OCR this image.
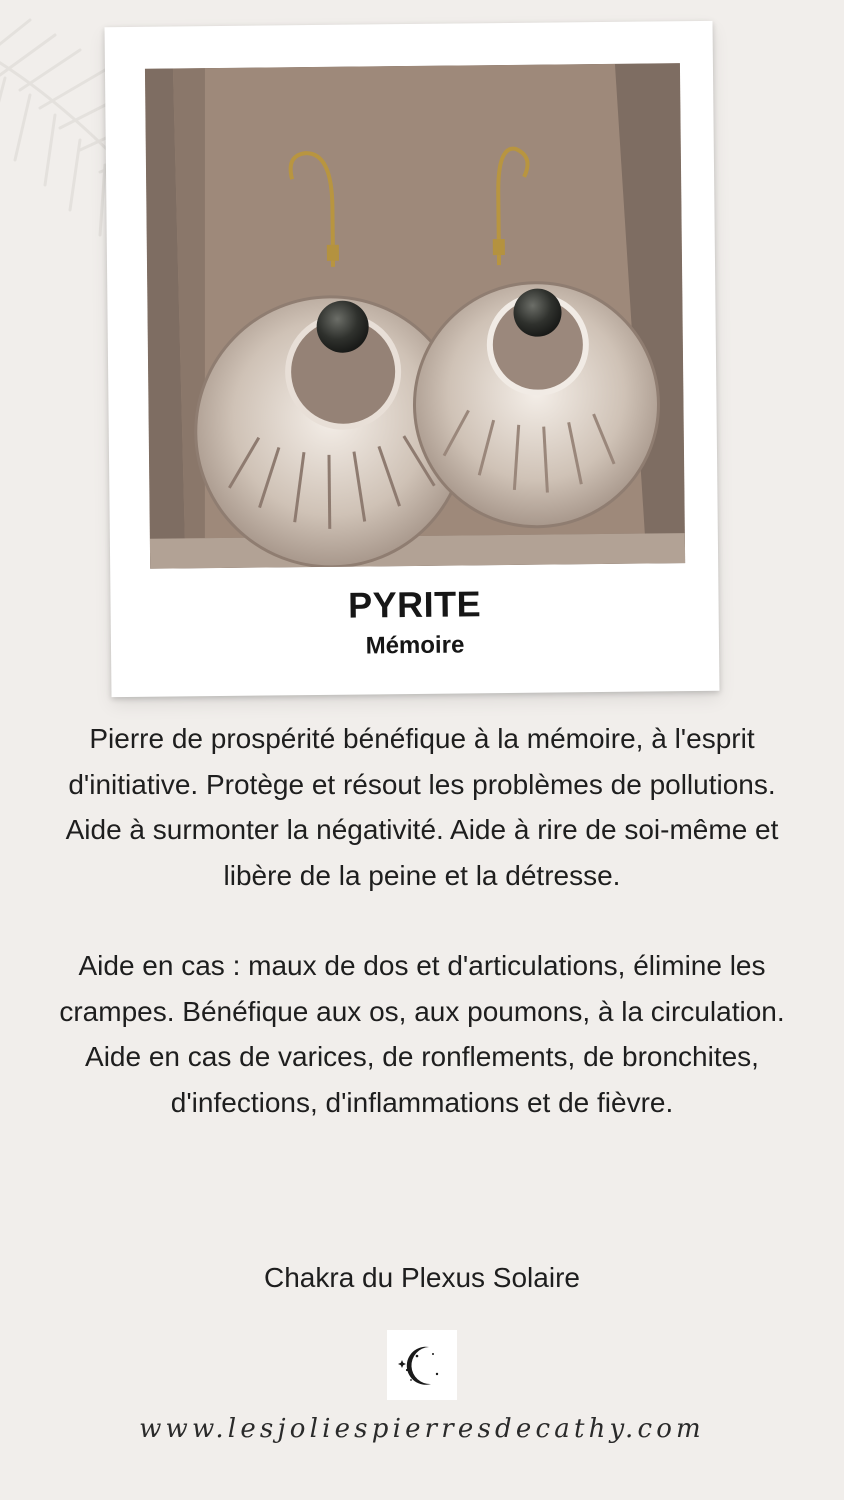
PYRITE
Mémoire

Pierre de prospérité bénéfique à la mémoire, à l'esprit d'initiative. Protège et résout les problèmes de pollutions.

Aide à surmonter la négativité. Aide à rire de soi-même et libère de la peine et la détresse.

Aide en cas : maux de dos et d'articulations, élimine les crampes. Bénéfique aux os, aux poumons, à la circulation. Aide en cas de varices, de ronflements, de bronchites, d'infections, d'inflammations et de fièvre.

Chakra du Plexus Solaire
www.lesjoliespierresdecathy.com
